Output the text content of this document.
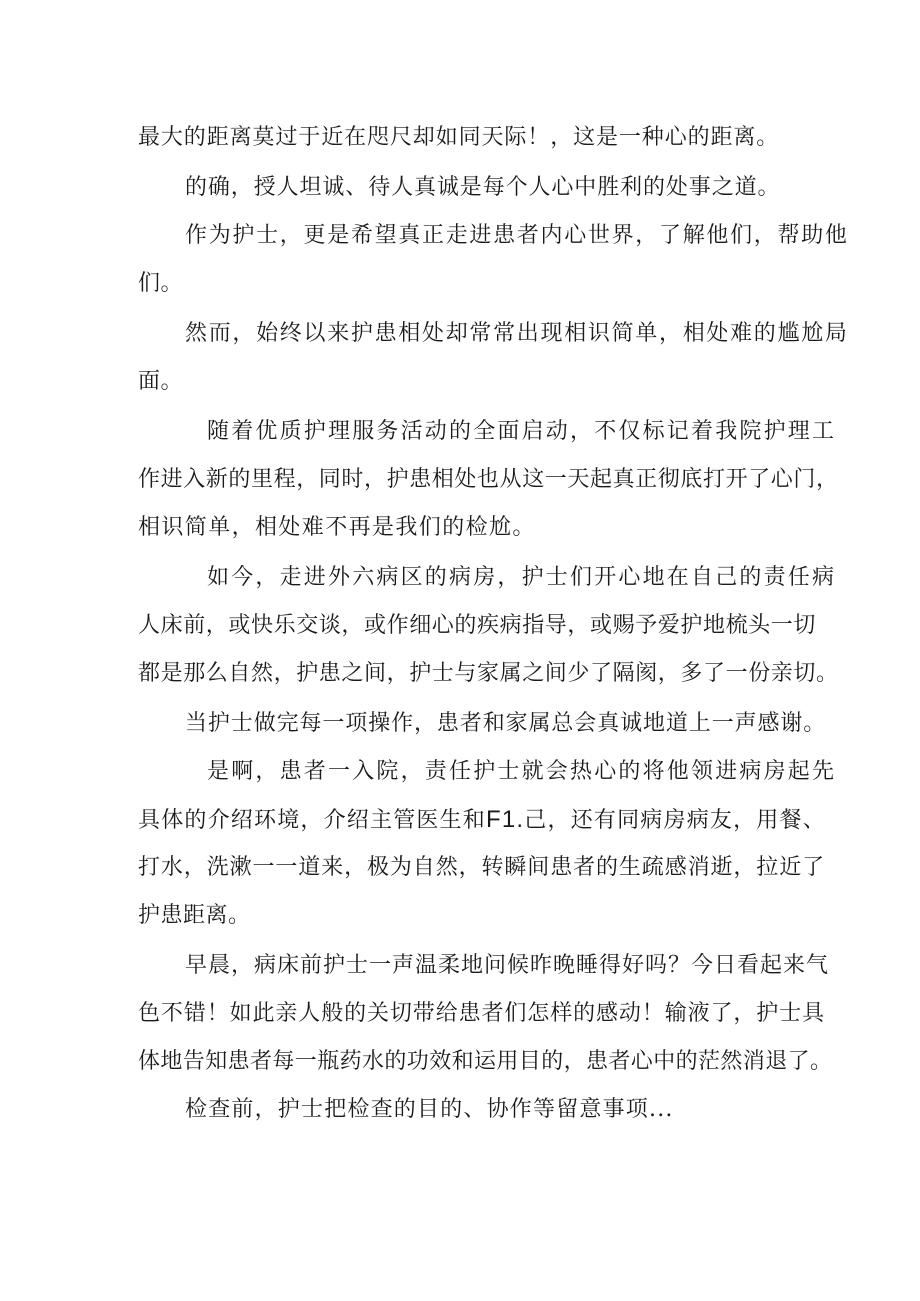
最大的距离莫过于近在咫尺却如同天际！，这是一种心的距离。
的确，授人坦诚、待人真诚是每个人心中胜利的处事之道。
作为护士，更是希望真正走进患者内心世界，了解他们，帮助他
们。
然而，始终以来护患相处却常常出现相识简单，相处难的尴尬局
面。
随着优质护理服务活动的全面启动，不仅标记着我院护理工
作进入新的里程，同时，护患相处也从这一天起真正彻底打开了心门，
相识简单，相处难不再是我们的检尬。
如今，走进外六病区的病房，护士们开心地在自己的责任病
人床前，或快乐交谈，或作细心的疾病指导，或赐予爱护地梳头一切
都是那么自然，护患之间，护士与家属之间少了隔阂，多了一份亲切。
当护士做完每一项操作，患者和家属总会真诚地道上一声感谢。
是啊，患者一入院，责任护士就会热心的将他领进病房起先
具体的介绍环境，介绍主管医生和F1.己，还有同病房病友，用餐、
打水，洗漱一一道来，极为自然，转瞬间患者的生疏感消逝，拉近了
护患距离。
早晨，病床前护士一声温柔地问候昨晚睡得好吗？今日看起来气
色不错！如此亲人般的关切带给患者们怎样的感动！输液了，护士具
体地告知患者每一瓶药水的功效和运用目的，患者心中的茫然消退了。
检查前，护士把检查的目的、协作等留意事项...
